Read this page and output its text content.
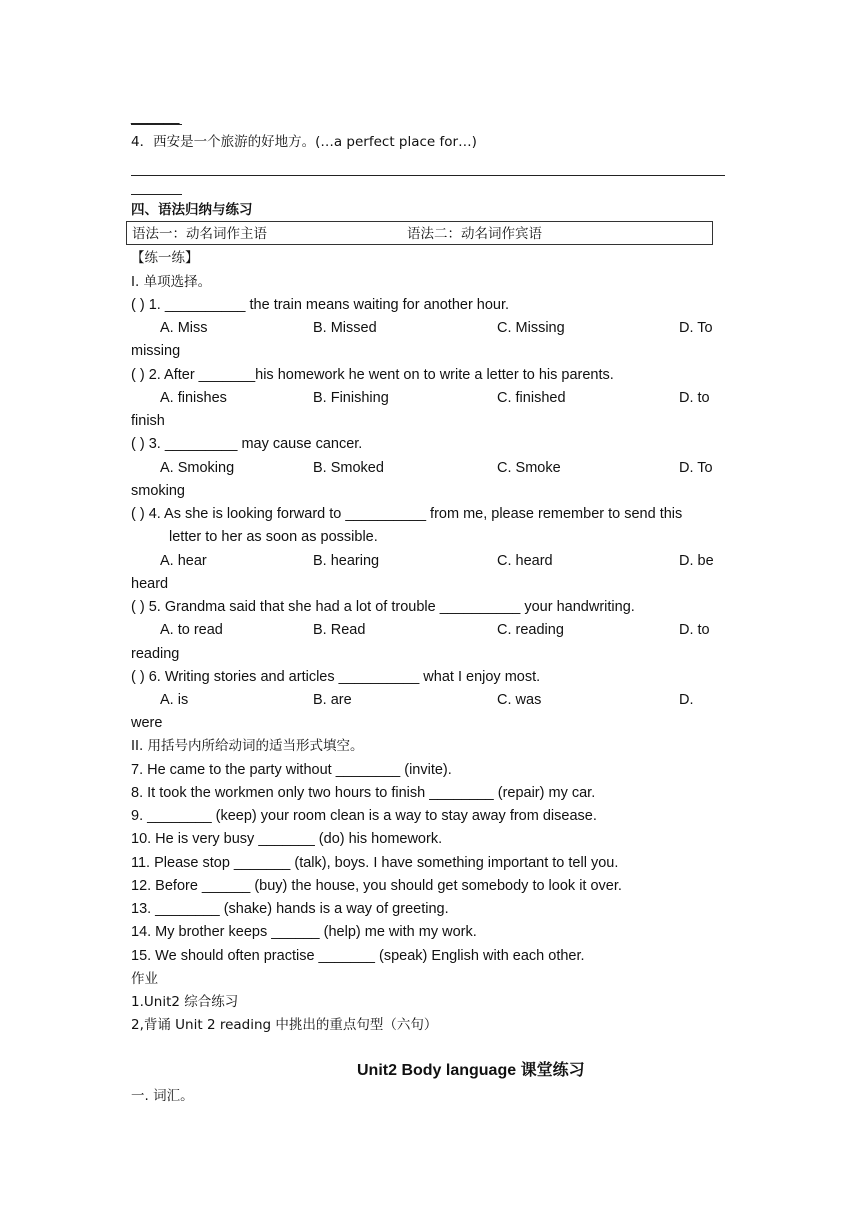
______
4．西安是一个旅游的好地方。(…a perfect place for…)
四、语法归纳与练习
语法一：动名词作主语	语法二：动名词作宾语
【练一练】
I. 单项选择。
( ) 1. __________ the train means waiting for another hour.
A. Miss	B. Missed	C. Missing	D. To
missing
( ) 2. After _______his homework he went on to write a letter to his parents.
A. finishes	B. Finishing	C. finished	D. to
finish
( ) 3. _________ may cause cancer.
A. Smoking	B. Smoked	C. Smoke	D. To
smoking
( ) 4. As she is looking forward to __________ from me, please remember to send this
letter to her as soon as possible.
A. hear	B. hearing	C. heard	D. be
heard
( ) 5. Grandma said that she had a lot of trouble __________ your handwriting.
A. to read	B. Read	C. reading	D. to
reading
( ) 6. Writing stories and articles __________ what I enjoy most.
A. is	B. are	C. was	D.
were
II. 用括号内所给动词的适当形式填空。
7. He came to the party without ________ (invite).
8. It took the workmen only two hours to finish ________ (repair) my car.
9. ________ (keep) your room clean is a way to stay away from disease.
10. He is very busy _______ (do) his homework.
11. Please stop _______ (talk), boys. I have something important to tell you.
12. Before ______ (buy) the house, you should get somebody to look it over.
13. ________ (shake) hands is a way of greeting.
14. My brother keeps ______ (help) me with my work.
15. We should often practise _______ (speak) English with each other.
作业
1.Unit2 综合练习
2,背诵 Unit 2 reading 中挑出的重点句型（六句）
Unit2 Body language 课堂练习
一. 词汇。
